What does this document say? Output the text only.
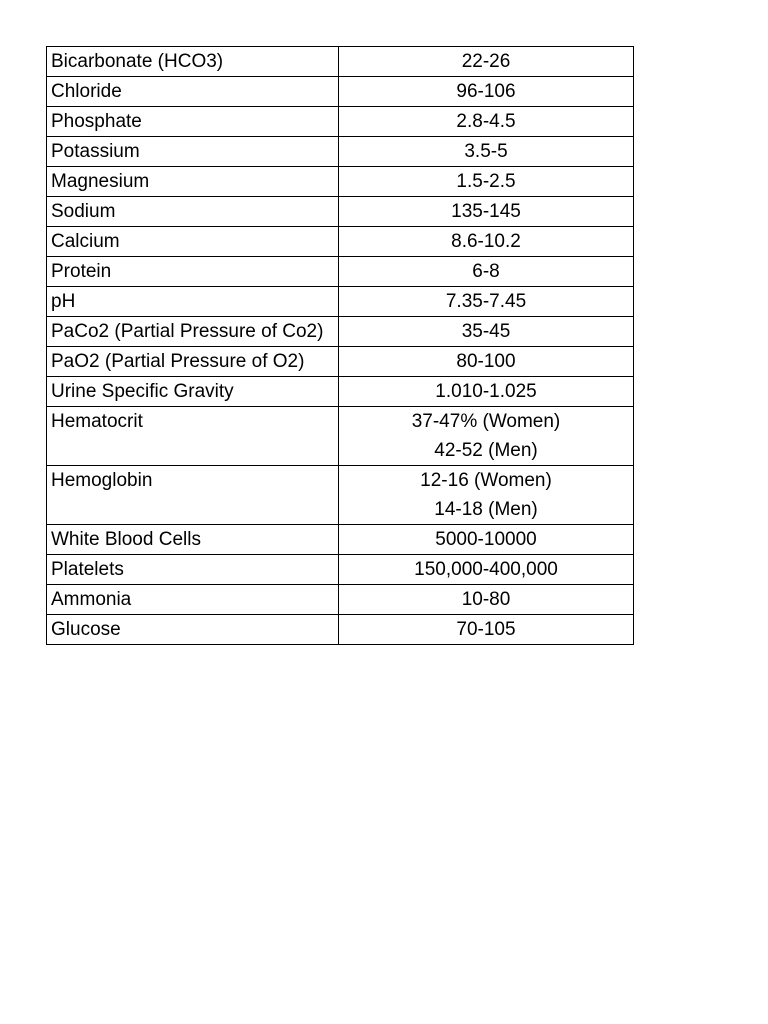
Bicarbonate (HCO3)	22-26

Chloride	96-106

Phosphate	2.8-4.5

Potassium	3.5-5

Magnesium	1.5-2.5

Sodium	135-145

Calcium	8.6-10.2

Protein	6-8

pH	7.35-7.45

PaCo2 (Partial Pressure of Co2)	35-45

PaO2 (Partial Pressure of O2)	80-100

Urine Specific Gravity	1.010-1.025

Hematocrit	37-47% (Women)
42-52 (Men)

Hemoglobin	12-16 (Women)
14-18 (Men)

White Blood Cells	5000-10000

Platelets	150,000-400,000

Ammonia	10-80

Glucose	70-105
